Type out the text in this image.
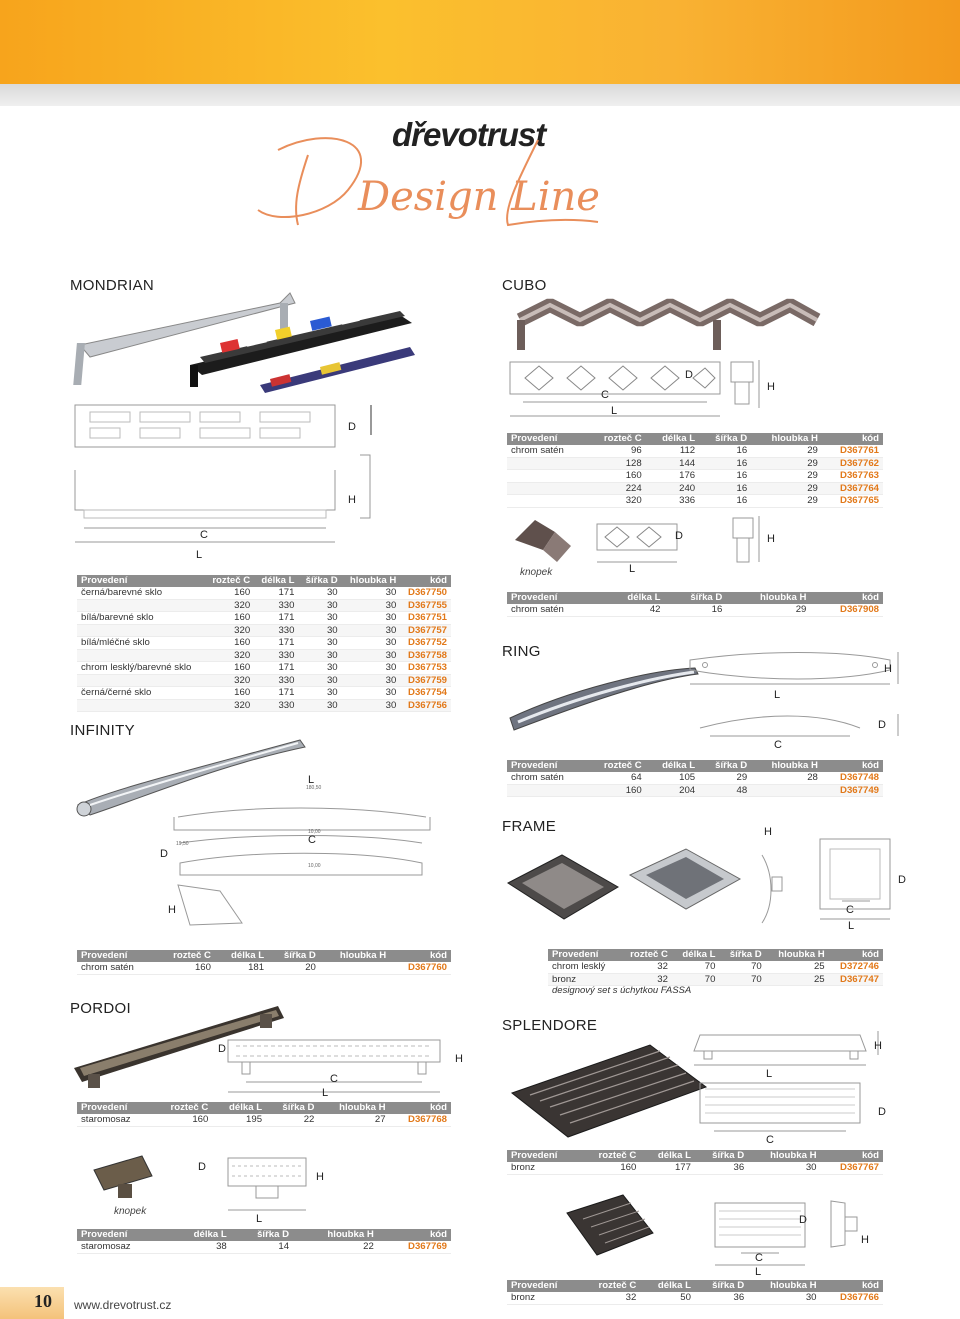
dřevotrust
Design Line
MONDRIAN
C
L
D
H
Provedení	rozteč C	délka L	šířka D	hloubka H	kód
černá/barevné sklo	160	171	30	30	D367750
	320	330	30	30	D367755
bílá/barevné sklo	160	171	30	30	D367751
	320	330	30	30	D367757
bílá/mléčné sklo	160	171	30	30	D367752
	320	330	30	30	D367758
chrom lesklý/barevné sklo	160	171	30	30	D367753
	320	330	30	30	D367759
černá/černé sklo	160	171	30	30	D367754
	320	330	30	30	D367756
CUBO
C
L
D
H
Provedení	rozteč C	délka L	šířka D	hloubka H	kód
chrom satén	96	112	16	29	D367761
	128	144	16	29	D367762
	160	176	16	29	D367763
	224	240	16	29	D367764
	320	336	16	29	D367765
L
D	H
knopek
Provedení	délka L	šířka D	hloubka H	kód
chrom satén	42	16	29	D367908
RING
L
H
C
D
Provedení	rozteč C	délka L	šířka D	hloubka H	kód
chrom satén	64	105	29	28	D367748
	160	204	48		D367749
INFINITY
180,50
L
10,00
C
10,00
D
19,50
H
Provedení	rozteč C	délka L	šířka D	hloubka H	kód
chrom satén	160	181	20		D367760
FRAME	H
L
C
D
Provedení	rozteč C	délka L	šířka D	hloubka H	kód
chrom lesklý	32	70	70	25	D372746
bronz	32	70	70	25	D367747
designový set s úchytkou FASSA
PORDOI
C
L
D
H
Provedení	rozteč C	délka L	šířka D	hloubka H	kód
staromosaz	160	195	22	27	D367768
L
D
H
knopek
Provedení	délka L	šířka D	hloubka H	kód
staromosaz	38	14	22	D367769
SPLENDORE
L
H
C
D
Provedení	rozteč C	délka L	šířka D	hloubka H	kód
bronz	160	177	36	30	D367767
C
L
D
H
Provedení	rozteč C	délka L	šířka D	hloubka H	kód
bronz	32	50	36	30	D367766
10 www.drevotrust.cz
